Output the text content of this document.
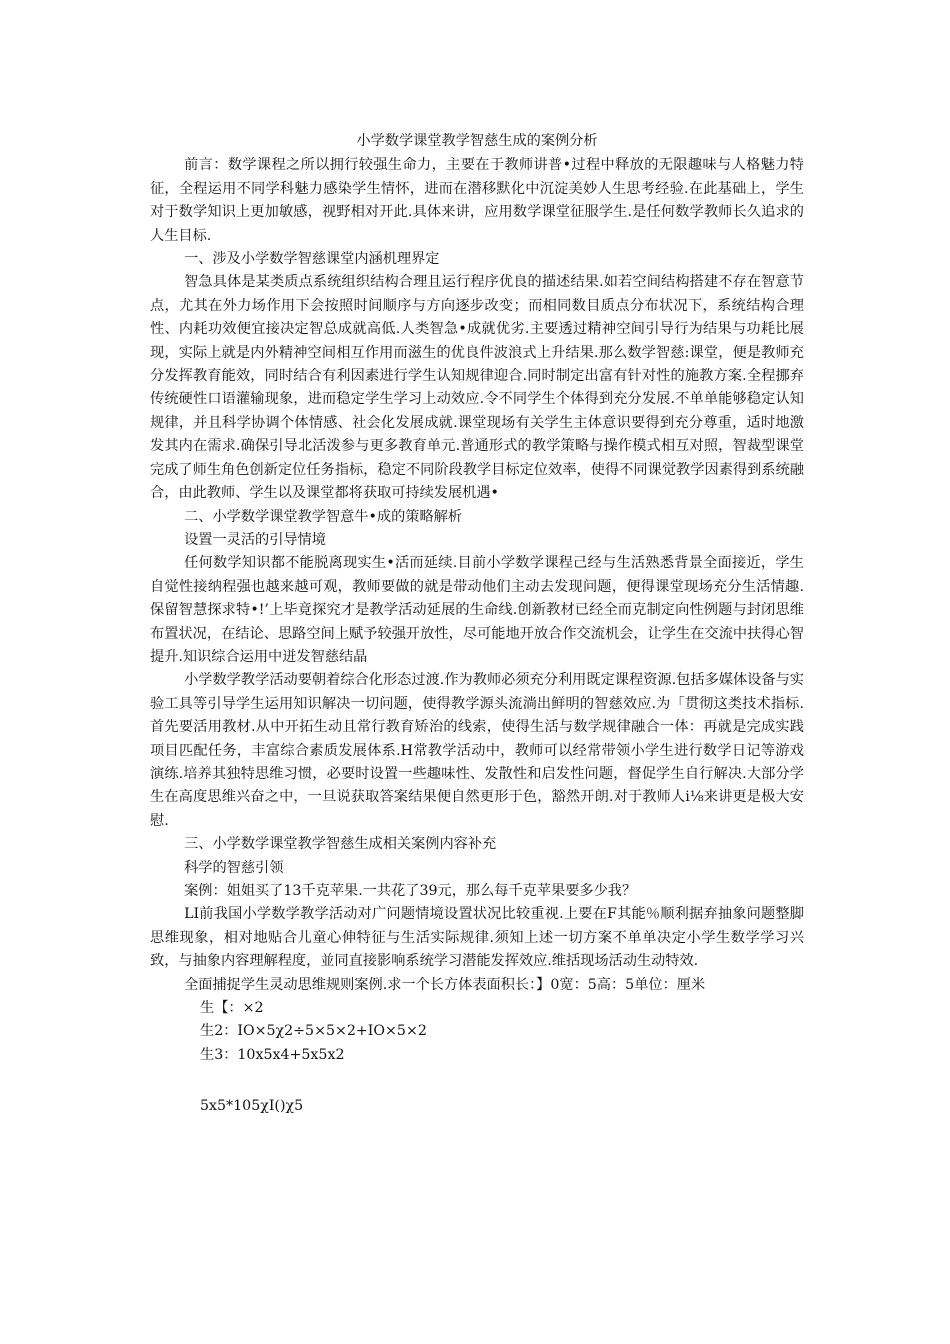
小学数学课堂教学智慈生成的案例分析

前言：数学课程之所以拥行较强生命力，主要在于教师讲普•过程中释放的无限趣味与人格魅力特征，全程运用不同学科魅力感染学生情怀，进而在潜移默化中沉淀美妙人生思考经验.在此基础上，学生对于数学知识上更加敏感，视野相对开此.具体来讲，应用数学课堂征服学生.是任何数学教师长久追求的人生目标.

一、涉及小学数学智慈课堂内涵机理界定

智急具体是某类质点系统组织结构合理且运行程序优良的描述结果.如若空间结构搭建不存在智意节点，尤其在外力场作用下会按照时间顺序与方向逐步改变；而相同数目质点分布状况下，系统结构合理性、内耗功效便宜接决定智总成就高低.人类智急•成就优劣.主要透过精神空间引导行为结果与功耗比展现，实际上就是内外精神空间相互作用而滋生的优良件波浪式上升结果.那么数学智慈:课堂，便是教师充分发挥教育能效，同时结合有利因素进行学生认知规律迎合.同时制定出富有针对性的施教方案.全程挪弃传统硬性口语灌输现象，进而稳定学生学习上动效应.令不同学生个体得到充分发展.不单单能够稳定认知规律，并且科学协调个体情感、社会化发展成就.课堂现场有关学生主体意识要得到充分尊重，适时地激发其内在需求.确保引导北活泼参与更多教育单元.普通形式的教学策略与操作模式相互对照，智裁型课堂完成了师生角色创新定位任务指标，稳定不同阶段教学目标定位效率，使得不同课觉教学因素得到系统融合，由此教师、学生以及课堂都将获取可持续发展机遇•

二、小学数学课堂教学智意牛•成的策略解析

设置一灵活的引导情境

任何数学知识都不能脱离现实生•活而延续.目前小学数学课程己经与生活熟悉背景全面接近，学生自觉性接纳程强也越来越可观，教师要做的就是带动他们主动去发现问题，便得课堂现场充分生活情趣.保留智慧探求特•!’上毕竟探究才是教学活动延展的生命线.创新教材已经全而克制定向性例题与封闭思维布置状况，在结论、思路空间上赋予较强开放性，尽可能地开放合作交流机会，让学生在交流中扶得心智提升.知识综合运用中迸发智慈结晶

小学数学教学活动要朝着综合化形态过渡.作为教师必须充分利用既定课程资源.包括多媒体设备与实验工具等引导学生运用知识解决一切问题，使得教学源头流淌出鲜明的智慈效应.为「贯彻这类技术指标.首先要活用教材.从中开拓生动且常行教育矫治的线索，使得生活与数学规律融合一体：再就是完成实践项目匹配任务，丰富综合素质发展体系.H常教学活动中，教师可以经常带领小学生进行数学日记等游戏演练.培养其独特思维习惯，必要时设置一些趣味性、发散性和启发性问题，督促学生自行解决.大部分学生在高度思维兴奋之中，一旦说获取答案结果便自然更形于色，豁然开朗.对于教师人i⅛来讲更是极大安慰.

三、小学数学课堂教学智慈生成相关案例内容补充

科学的智慈引领

案例：姐姐买了13千克苹果.一共花了39元，那么每千克苹果要多少我？

LI前我国小学数学教学活动对广问题情境设置状况比较重视.上要在F其能％顺利据弃抽象问题整脚思维现象，相对地贴合儿童心伸特征与生活实际规律.须知上述一切方案不单单决定小学生数学学习兴致，与抽象内容理解程度，並同直接影响系统学习潜能发挥效应.维括现场活动生动特效.

全面捕捉学生灵动思维规则案例.求一个长方体表面积长：】0宽：5高：5单位：厘米

生【：×2
生2：IO×5χ2÷5×5×2+IO×5×2
生3：10x5x4+5x5x2
5x5*105χI()χ5
